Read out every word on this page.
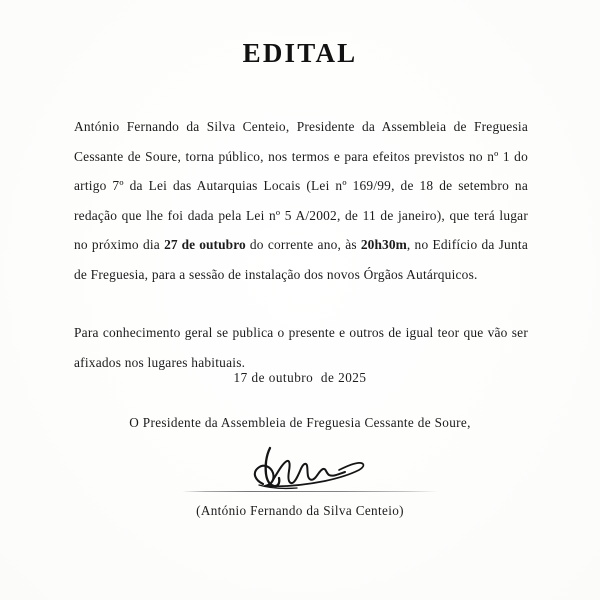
EDITAL

António Fernando da Silva Centeio, Presidente da Assembleia de Freguesia Cessante de Soure, torna público, nos termos e para efeitos previstos no nº 1 do artigo 7º da Lei das Autarquias Locais (Lei nº 169/99, de 18 de setembro na redação que lhe foi dada pela Lei nº 5 A/2002, de 11 de janeiro), que terá lugar no próximo dia 27 de outubro do corrente ano, às 20h30m, no Edifício da Junta de Freguesia, para a sessão de instalação dos novos Órgãos Autárquicos.

Para conhecimento geral se publica o presente e outros de igual teor que vão ser afixados nos lugares habituais.

17 de outubro  de 2025
O Presidente da Assembleia de Freguesia Cessante de Soure,
(António Fernando da Silva Centeio)
